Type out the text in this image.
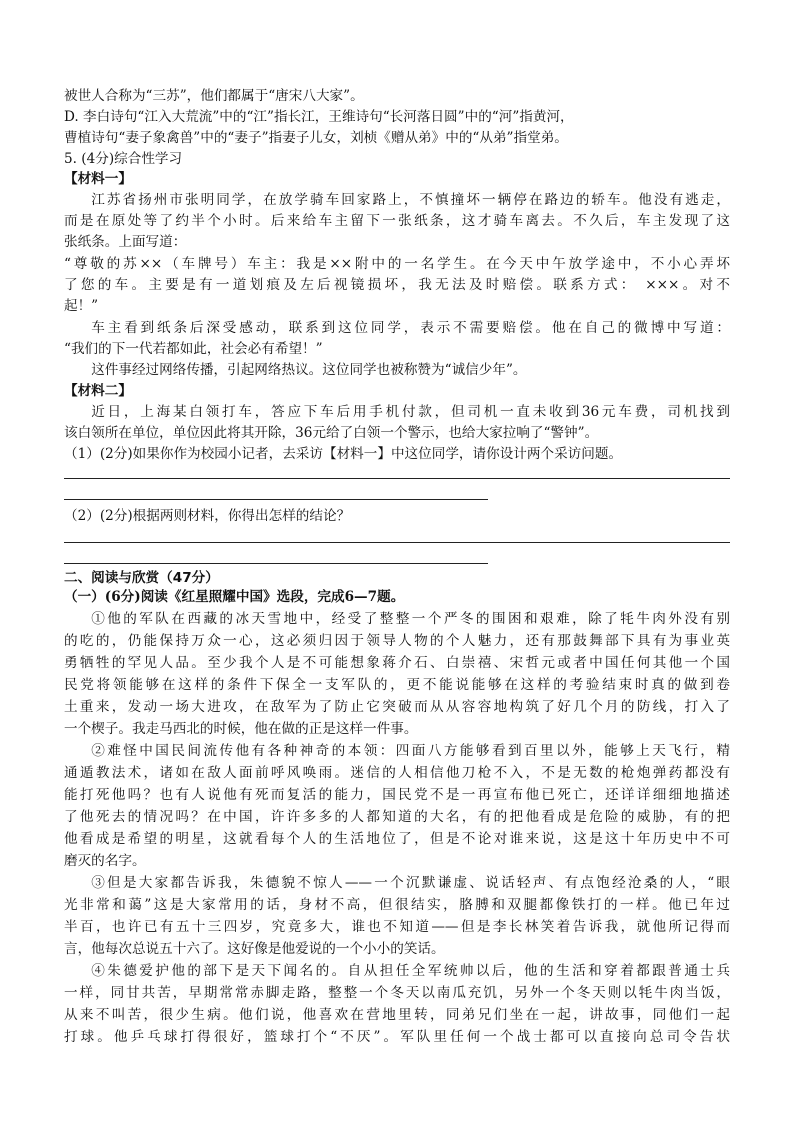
被世人合称为“三苏”，他们都属于“唐宋八大家”。
D. 李白诗句“江入大荒流”中的“江”指长江，王维诗句“长河落日圆”中的“河”指黄河，
曹植诗句“妻子象禽兽”中的“妻子”指妻子儿女，刘桢《赠从弟》中的“从弟”指堂弟。
5. (4分)综合性学习
【材料一】
江苏省扬州市张明同学，在放学骑车回家路上，不慎撞坏一辆停在路边的轿车。他没有逃走，
而是在原处等了约半个小时。后来给车主留下一张纸条，这才骑车离去。不久后，车主发现了这
张纸条。上面写道：
“尊敬的苏××（车牌号）车主：我是××附中的一名学生。在今天中午放学途中，不小心弄坏
了您的车。主要是有一道划痕及左后视镜损坏，我无法及时赔偿。联系方式： ×××。对不
起！”
车主看到纸条后深受感动，联系到这位同学，表示不需要赔偿。他在自己的微博中写道：
“我们的下一代若都如此，社会必有希望！”
这件事经过网络传播，引起网络热议。这位同学也被称赞为“诚信少年”。
【材料二】
近日，上海某白领打车，答应下车后用手机付款，但司机一直未收到36元车费，司机找到
该白领所在单位，单位因此将其开除，36元给了白领一个警示，也给大家拉响了“警钟”。
（1）(2分)如果你作为校园小记者，去采访【材料一】中这位同学，请你设计两个采访问题。
（2）(2分)根据两则材料，你得出怎样的结论？
二、阅读与欣赏（47分）
（一）(6分)阅读《红星照耀中国》选段，完成6—7题。
①他的军队在西藏的冰天雪地中，经受了整整一个严冬的围困和艰难，除了牦牛肉外没有别
的吃的，仍能保持万众一心，这必须归因于领导人物的个人魅力，还有那鼓舞部下具有为事业英
勇牺牲的罕见人品。至少我个人是不可能想象蒋介石、白崇禧、宋哲元或者中国任何其他一个国
民党将领能够在这样的条件下保全一支军队的，更不能说能够在这样的考验结束时真的做到卷
土重来，发动一场大进攻，在敌军为了防止它突破而从从容容地构筑了好几个月的防线，打入了
一个楔子。我走马西北的时候，他在做的正是这样一件事。
②难怪中国民间流传他有各种神奇的本领：四面八方能够看到百里以外，能够上天飞行，精
通遁教法术，诸如在敌人面前呼风唤雨。迷信的人相信他刀枪不入，不是无数的枪炮弹药都没有
能打死他吗？也有人说他有死而复活的能力，国民党不是一再宣布他已死亡，还详详细细地描述
了他死去的情况吗？在中国，许许多多的人都知道的大名，有的把他看成是危险的威胁，有的把
他看成是希望的明星，这就看每个人的生活地位了，但是不论对谁来说，这是这十年历史中不可
磨灭的名字。
③但是大家都告诉我，朱德貌不惊人——一个沉默谦虚、说话轻声、有点饱经沧桑的人，“眼
光非常和蔼”这是大家常用的话，身材不高，但很结实，胳膊和双腿都像铁打的一样。他已年过
半百，也许已有五十三四岁，究竟多大，谁也不知道——但是李长林笑着告诉我，就他所记得而
言，他每次总说五十六了。这好像是他爱说的一个小小的笑话。
④朱德爱护他的部下是天下闻名的。自从担任全军统帅以后，他的生活和穿着都跟普通士兵
一样，同甘共苦，早期常常赤脚走路，整整一个冬天以南瓜充饥，另外一个冬天则以牦牛肉当饭，
从来不叫苦，很少生病。他们说，他喜欢在营地里转，同弟兄们坐在一起，讲故事，同他们一起
打球。他乒乓球打得很好，篮球打个“不厌”。军队里任何一个战士都可以直接向总司令告状
